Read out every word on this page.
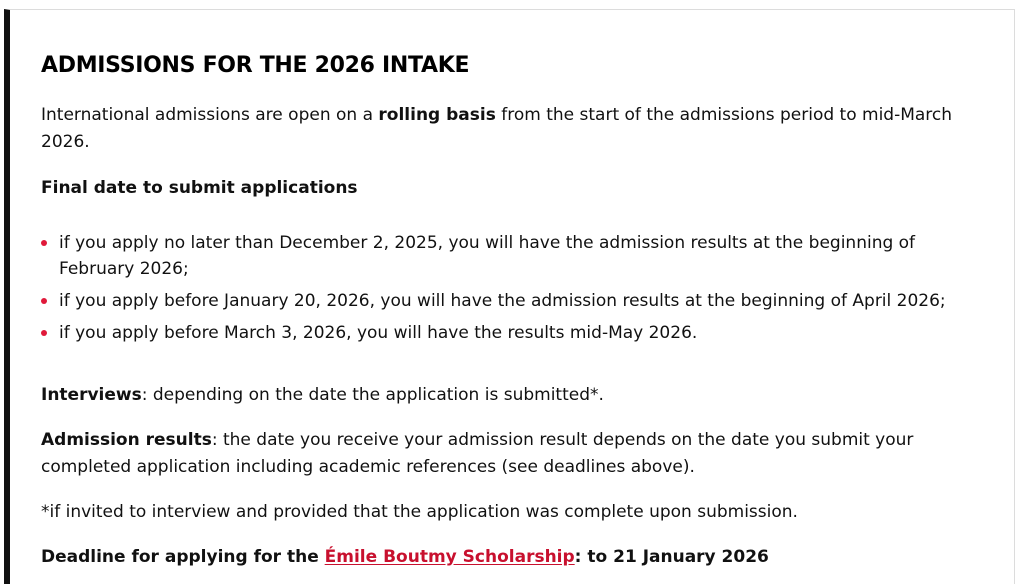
ADMISSIONS FOR THE 2026 INTAKE

International admissions are open on a rolling basis from the start of the admissions period to mid-March 2026.

Final date to submit applications

if you apply no later than December 2, 2025, you will have the admission results at the beginning of February 2026;
if you apply before January 20, 2026, you will have the admission results at the beginning of April 2026;
if you apply before March 3, 2026, you will have the results mid-May 2026.

Interviews: depending on the date the application is submitted*.

Admission results: the date you receive your admission result depends on the date you submit your completed application including academic references (see deadlines above).

*if invited to interview and provided that the application was complete upon submission.

Deadline for applying for the Émile Boutmy Scholarship: to 21 January 2026
